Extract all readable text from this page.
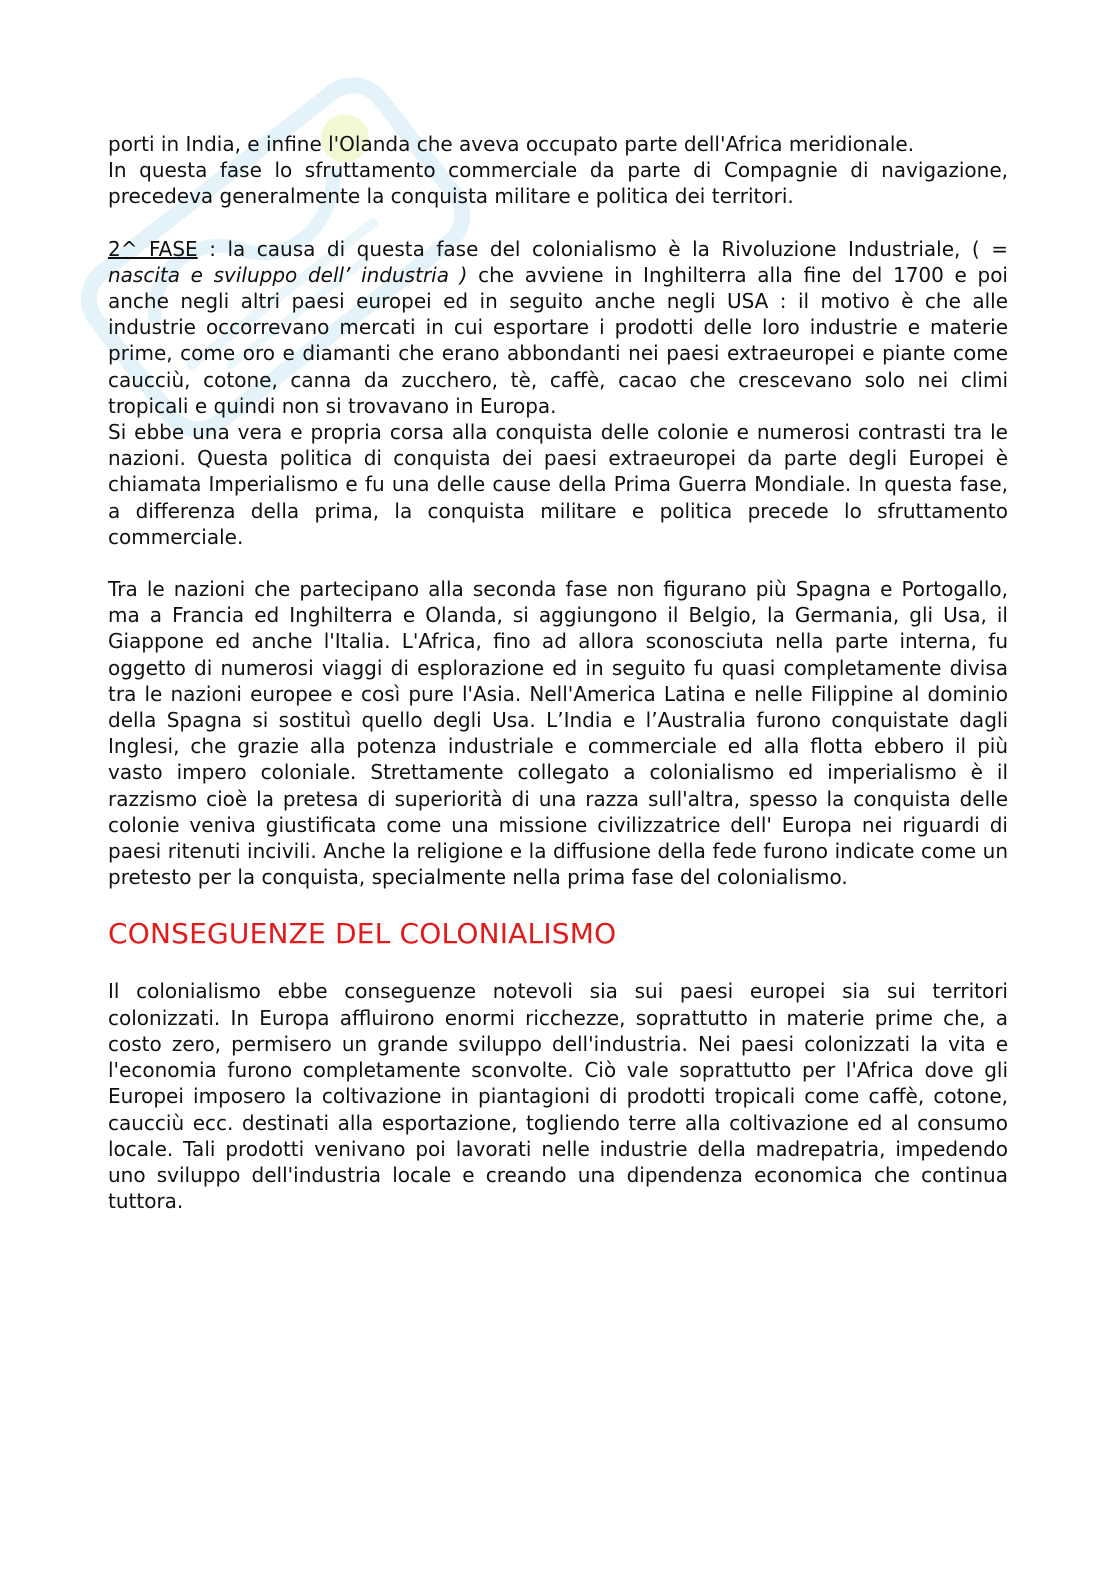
porti in India, e infine l'Olanda che aveva occupato parte dell'Africa meridionale.

In questa fase lo sfruttamento commerciale da parte di Compagnie di navigazione, precedeva generalmente la conquista militare e politica dei territori.

2^ FASE : la causa di questa fase del colonialismo è la Rivoluzione Industriale, ( = nascita e sviluppo dell’ industria ) che avviene in Inghilterra alla fine del 1700 e poi anche negli altri paesi europei ed in seguito anche negli USA : il motivo è che alle industrie occorrevano mercati in cui esportare i prodotti delle loro industrie e materie prime, come oro e diamanti che erano abbondanti nei paesi extraeuropei e piante come caucciù, cotone, canna da zucchero, tè, caffè, cacao che crescevano solo nei climi tropicali e quindi non si trovavano in Europa.

Si ebbe una vera e propria corsa alla conquista delle colonie e numerosi contrasti tra le nazioni. Questa politica di conquista dei paesi extraeuropei da parte degli Europei è chiamata Imperialismo e fu una delle cause della Prima Guerra Mondiale. In questa fase, a differenza della prima, la conquista militare e politica precede lo sfruttamento commerciale.

Tra le nazioni che partecipano alla seconda fase non figurano più Spagna e Portogallo, ma a Francia ed Inghilterra e Olanda, si aggiungono il Belgio, la Germania, gli Usa, il Giappone ed anche l'Italia. L'Africa, fino ad allora sconosciuta nella parte interna, fu oggetto di numerosi viaggi di esplorazione ed in seguito fu quasi completamente divisa tra le nazioni europee e così pure l'Asia. Nell'America Latina e nelle Filippine al dominio della Spagna si sostituì quello degli Usa. L’India e l’Australia furono conquistate dagli Inglesi, che grazie alla potenza industriale e commerciale ed alla flotta ebbero il più vasto impero coloniale. Strettamente collegato a colonialismo ed imperialismo è il razzismo cioè la pretesa di superiorità di una razza sull'altra, spesso la conquista delle colonie veniva giustificata come una missione civilizzatrice dell' Europa nei riguardi di paesi ritenuti incivili. Anche la religione e la diffusione della fede furono indicate come un pretesto per la conquista, specialmente nella prima fase del colonialismo.

CONSEGUENZE DEL COLONIALISMO

Il colonialismo ebbe conseguenze notevoli sia sui paesi europei sia sui territori colonizzati. In Europa affluirono enormi ricchezze, soprattutto in materie prime che, a costo zero, permisero un grande sviluppo dell'industria. Nei paesi colonizzati la vita e l'economia furono completamente sconvolte. Ciò vale soprattutto per l'Africa dove gli Europei imposero la coltivazione in piantagioni di prodotti tropicali come caffè, cotone, caucciù ecc. destinati alla esportazione, togliendo terre alla coltivazione ed al consumo locale. Tali prodotti venivano poi lavorati nelle industrie della madrepatria, impedendo uno sviluppo dell'industria locale e creando una dipendenza economica che continua tuttora.
